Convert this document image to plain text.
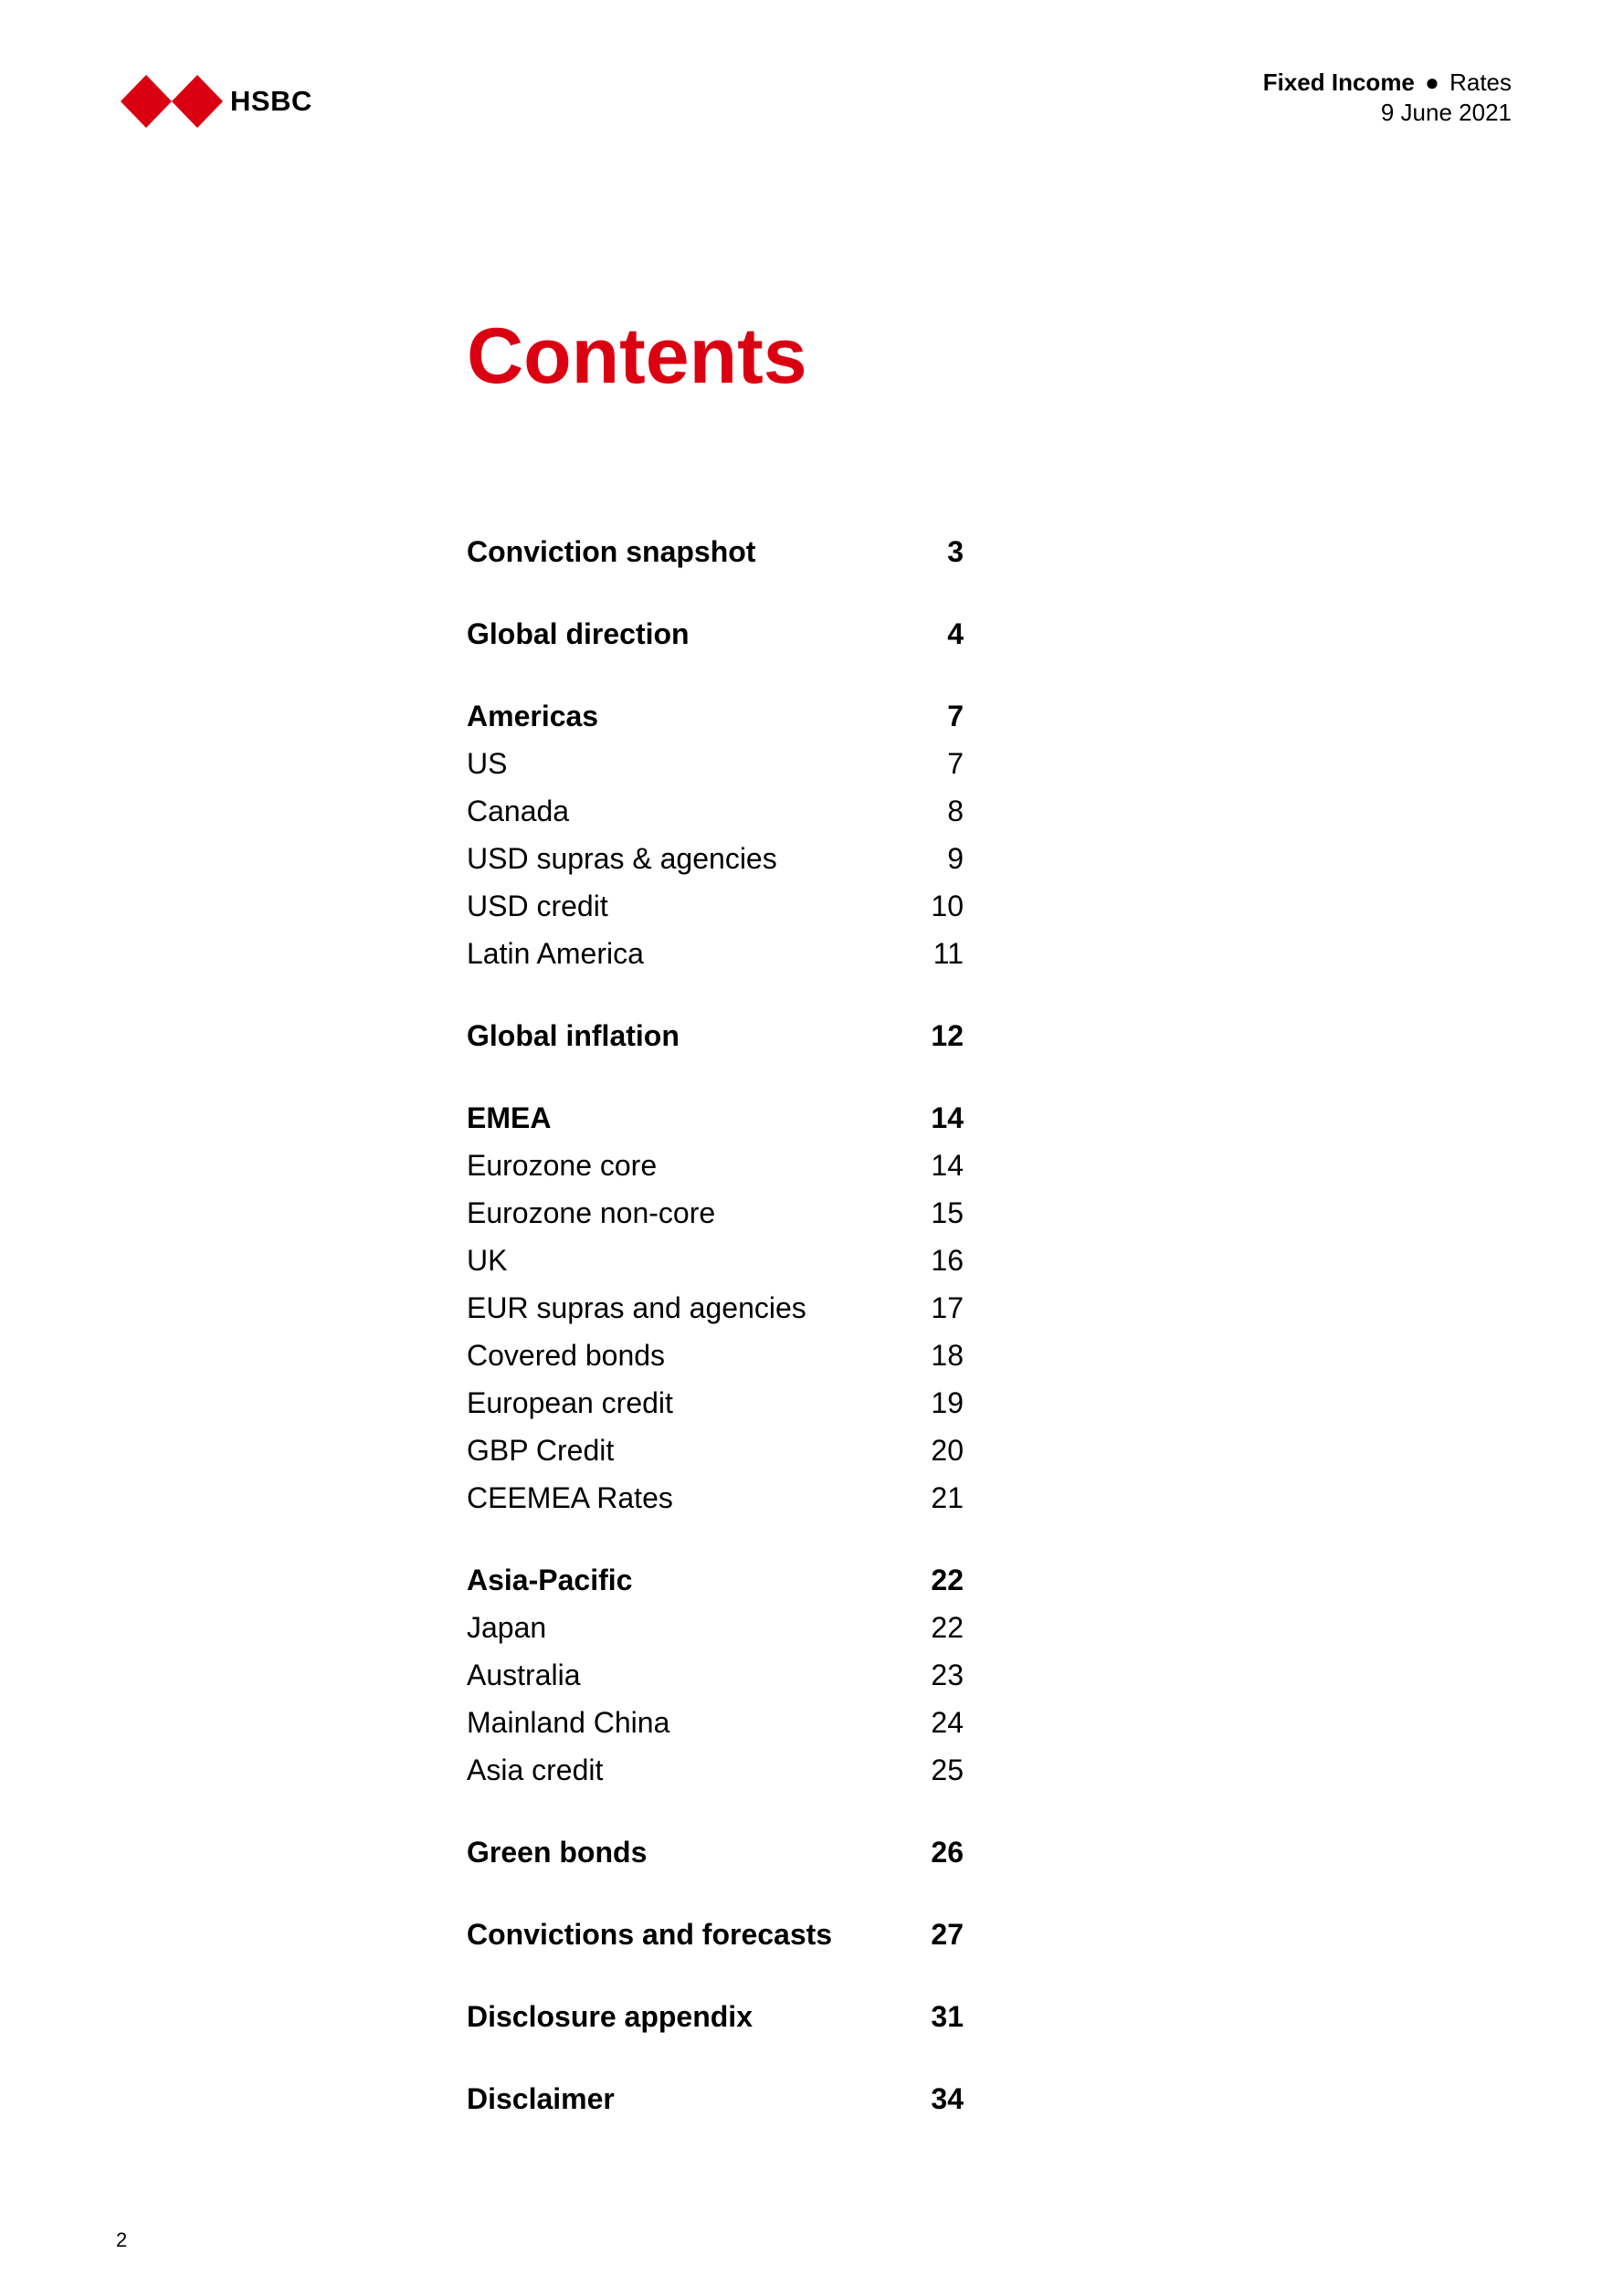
HSBC
Fixed Income ● Rates
9 June 2021
Contents
Conviction snapshot	3
Global direction	4
Americas	7
US	7
Canada	8
USD supras & agencies	9
USD credit	10
Latin America	11
Global inflation	12
EMEA	14
Eurozone core	14
Eurozone non-core	15
UK	16
EUR supras and agencies	17
Covered bonds	18
European credit	19
GBP Credit	20
CEEMEA Rates	21
Asia-Pacific	22
Japan	22
Australia	23
Mainland China	24
Asia credit	25
Green bonds	26
Convictions and forecasts	27
Disclosure appendix	31
Disclaimer	34
2
